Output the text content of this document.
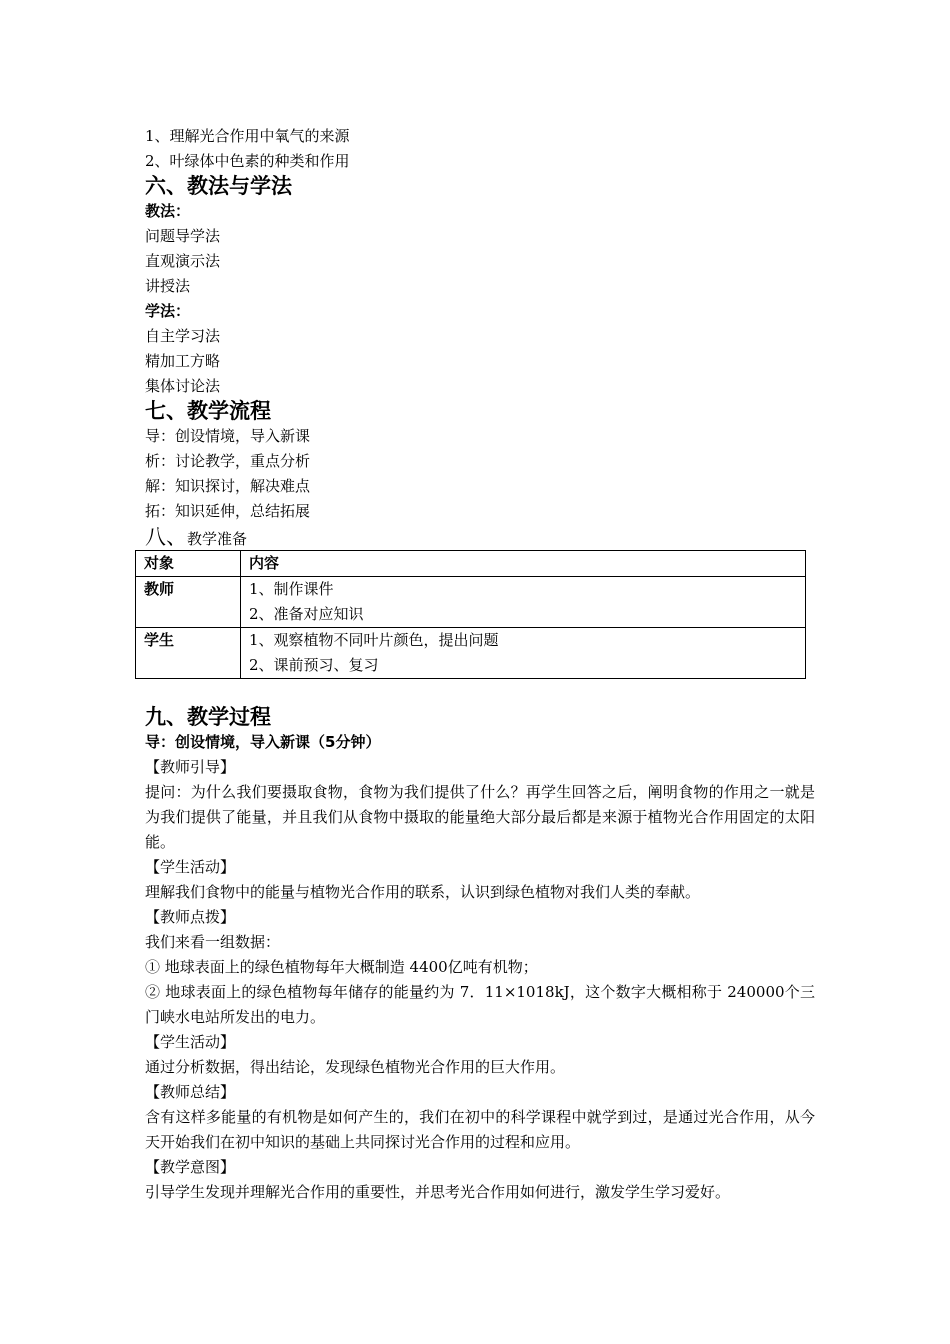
1、理解光合作用中氧气的来源
2、叶绿体中色素的种类和作用
六、教法与学法
教法：
问题导学法
直观演示法
讲授法
学法：
自主学习法
精加工方略
集体讨论法
七、教学流程
导：创设情境，导入新课
析：讨论教学，重点分析
解：知识探讨，解决难点
拓：知识延伸，总结拓展
八、教学准备
对象	内容
教师	1、制作课件
2、准备对应知识

学生	1、观察植物不同叶片颜色，提出问题
2、课前预习、复习
九、教学过程
导：创设情境，导入新课（5分钟）
【教师引导】
提问：为什么我们要摄取食物，食物为我们提供了什么？再学生回答之后，阐明食物的作用之一就是为我们提供了能量，并且我们从食物中摄取的能量绝大部分最后都是来源于植物光合作用固定的太阳能。
【学生活动】
理解我们食物中的能量与植物光合作用的联系，认识到绿色植物对我们人类的奉献。
【教师点拨】
我们来看一组数据：
① 地球表面上的绿色植物每年大概制造 4400亿吨有机物；
② 地球表面上的绿色植物每年储存的能量约为 7．11×1018kJ，这个数字大概相称于 240000个三门峡水电站所发出的电力。
【学生活动】
通过分析数据，得出结论，发现绿色植物光合作用的巨大作用。
【教师总结】
含有这样多能量的有机物是如何产生的，我们在初中的科学课程中就学到过，是通过光合作用，从今天开始我们在初中知识的基础上共同探讨光合作用的过程和应用。
【教学意图】
引导学生发现并理解光合作用的重要性，并思考光合作用如何进行，激发学生学习爱好。
